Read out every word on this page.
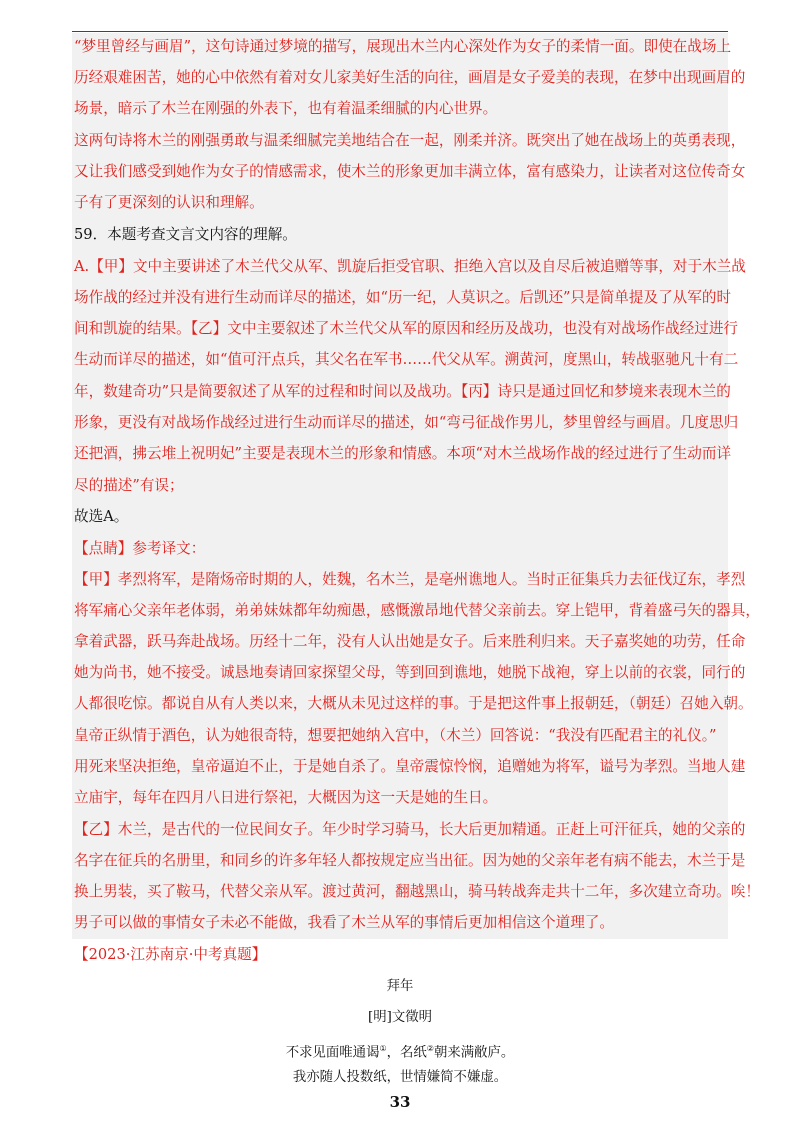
“梦里曾经与画眉”，这句诗通过梦境的描写，展现出木兰内心深处作为女子的柔情一面。即使在战场上
历经艰难困苦，她的心中依然有着对女儿家美好生活的向往，画眉是女子爱美的表现，在梦中出现画眉的
场景，暗示了木兰在刚强的外表下，也有着温柔细腻的内心世界。
这两句诗将木兰的刚强勇敢与温柔细腻完美地结合在一起，刚柔并济。既突出了她在战场上的英勇表现，
又让我们感受到她作为女子的情感需求，使木兰的形象更加丰满立体，富有感染力，让读者对这位传奇女
子有了更深刻的认识和理解。
59．本题考查文言文内容的理解。
A.【甲】文中主要讲述了木兰代父从军、凯旋后拒受官职、拒绝入宫以及自尽后被追赠等事，对于木兰战
场作战的经过并没有进行生动而详尽的描述，如“历一纪，人莫识之。后凯还”只是简单提及了从军的时
间和凯旋的结果。【乙】文中主要叙述了木兰代父从军的原因和经历及战功，也没有对战场作战经过进行
生动而详尽的描述，如“值可汗点兵，其父名在军书……代父从军。溯黄河，度黑山，转战驱驰凡十有二
年，数建奇功”只是简要叙述了从军的过程和时间以及战功。【丙】诗只是通过回忆和梦境来表现木兰的
形象，更没有对战场作战经过进行生动而详尽的描述，如“弯弓征战作男儿，梦里曾经与画眉。几度思归
还把酒，拂云堆上祝明妃”主要是表现木兰的形象和情感。本项“对木兰战场作战的经过进行了生动而详
尽的描述”有误；
故选A。
【点睛】参考译文：
【甲】孝烈将军，是隋炀帝时期的人，姓魏，名木兰，是亳州谯地人。当时正征集兵力去征伐辽东，孝烈
将军痛心父亲年老体弱，弟弟妹妹都年幼痴愚，感慨激昂地代替父亲前去。穿上铠甲，背着盛弓矢的器具，
拿着武器，跃马奔赴战场。历经十二年，没有人认出她是女子。后来胜利归来。天子嘉奖她的功劳，任命
她为尚书，她不接受。诚恳地奏请回家探望父母，等到回到谯地，她脱下战袍，穿上以前的衣裳，同行的
人都很吃惊。都说自从有人类以来，大概从未见过这样的事。于是把这件事上报朝廷，（朝廷）召她入朝。
皇帝正纵情于酒色，认为她很奇特，想要把她纳入宫中，（木兰）回答说：“我没有匹配君主的礼仪。”
用死来坚决拒绝，皇帝逼迫不止，于是她自杀了。皇帝震惊怜悯，追赠她为将军，谥号为孝烈。当地人建
立庙宇，每年在四月八日进行祭祀，大概因为这一天是她的生日。
【乙】木兰，是古代的一位民间女子。年少时学习骑马，长大后更加精通。正赶上可汗征兵，她的父亲的
名字在征兵的名册里，和同乡的许多年轻人都按规定应当出征。因为她的父亲年老有病不能去，木兰于是
换上男装，买了鞍马，代替父亲从军。渡过黄河，翻越黑山，骑马转战奔走共十二年，多次建立奇功。唉！
男子可以做的事情女子未必不能做，我看了木兰从军的事情后更加相信这个道理了。
【2023·江苏南京·中考真题】
拜年
[明]文徵明
不求见面唯通谒①，名纸②朝来满敝庐。
我亦随人投数纸，世情嫌简不嫌虚。
33
